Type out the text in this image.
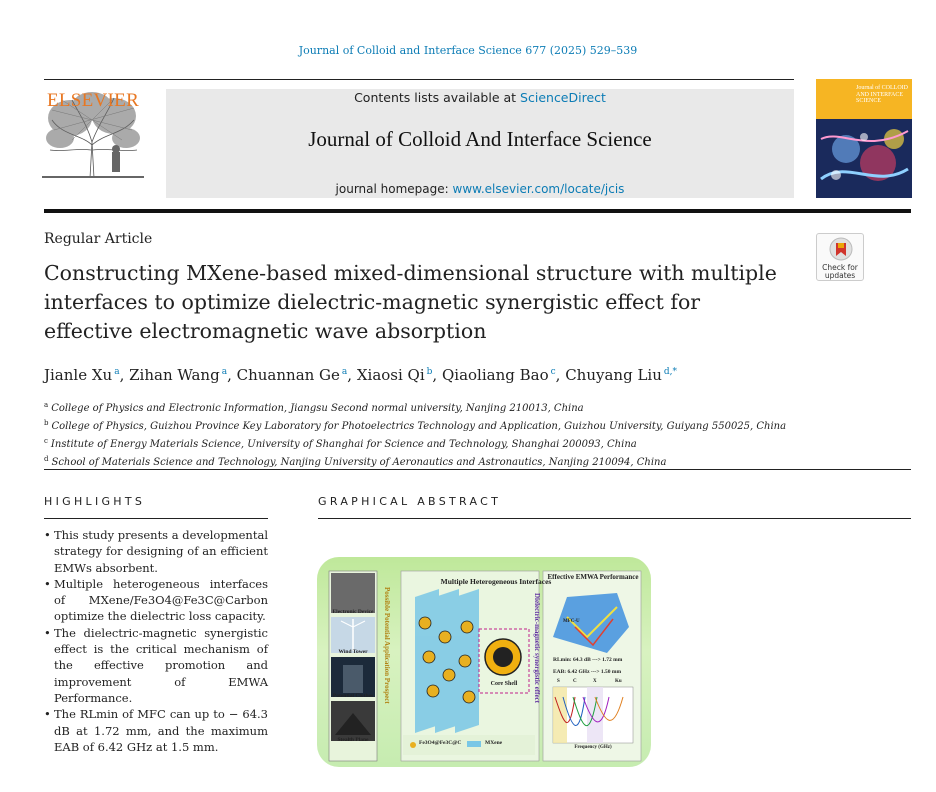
Journal of Colloid and Interface Science 677 (2025) 529–539
ELSEVIER	Contents lists available at ScienceDirect
Journal of Colloid And Interface Science
journal homepage: www.elsevier.com/locate/jcis
Journal of COLLOID AND INTERFACE SCIENCE
Regular Article
Constructing MXene-based mixed-dimensional structure with multiple interfaces to optimize dielectric-magnetic synergistic effect for effective electromagnetic wave absorption
Check for updates
Jianle Xu $^a$, Zihan Wang $^a$, Chuannan Ge $^a$, Xiaosi Qi $^b$, Qiaoliang Bao $^c$, Chuyang Liu $^{d,*}$
$^a$ College of Physics and Electronic Information, Jiangsu Second normal university, Nanjing 210013, China
$^b$ College of Physics, Guizhou Province Key Laboratory for Photoelectrics Technology and Application, Guizhou University, Guiyang 550025, China
$^c$ Institute of Energy Materials Science, University of Shanghai for Science and Technology, Shanghai 200093, China
$^d$ School of Materials Science and Technology, Nanjing University of Aeronautics and Astronautics, Nanjing 210094, China
HIGHLIGHTS	GRAPHICAL ABSTRACT
• This study presents a developmental strategy for designing of an efficient EMWs absorbent.
• Multiple heterogeneous interfaces of MXene/Fe3O4@Fe3C@Carbon optimize the dielectric loss capacity.
• The dielectric-magnetic synergistic effect is the critical mechanism of the effective promotion and improvement of EMWA Performance.
• The RLmin of MFC can up to − 64.3 dB at 1.72 mm, and the maximum EAB of 6.42 GHz at 1.5 mm.
Multiple Heterogeneous Interfaces
Effective EMWA Performance
Possible Potential Application Prospect	Dielectric-magnetic synergistic effect
Electronic Device
Wind Tower
Potential Clothes
Stealth Plane
Core Shell
Fe3O4@Fe3C@C	MXene
RLmin: 64.3 dB ---> 1.72 mm
EAB: 6.42 GHz ---> 1.50 mm
MFC-U
Frequency (GHz)
S	C	X	Ku
